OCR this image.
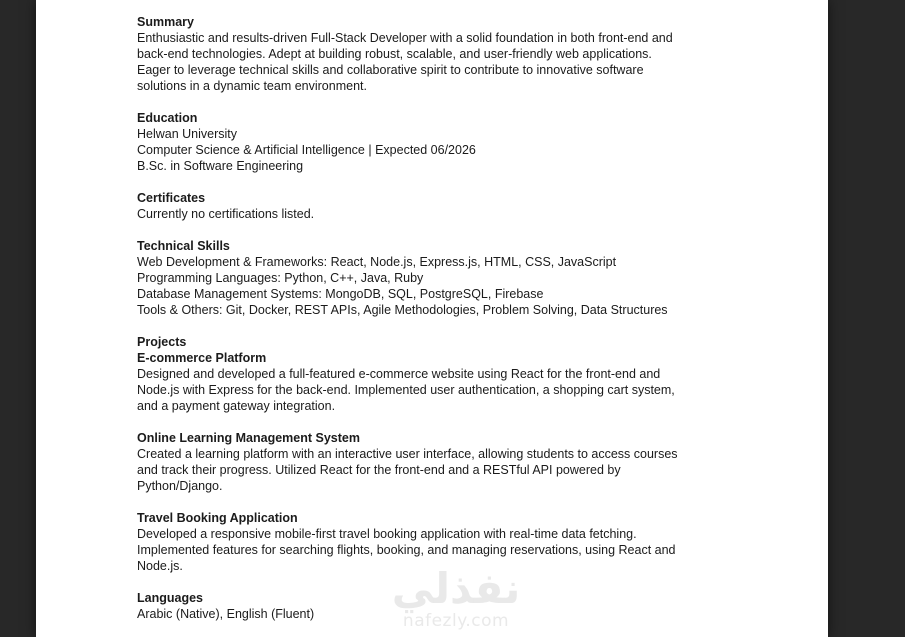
نفذلي
nafezly.com
Summary
Enthusiastic and results-driven Full-Stack Developer with a solid foundation in both front-end and
back-end technologies. Adept at building robust, scalable, and user-friendly web applications.
Eager to leverage technical skills and collaborative spirit to contribute to innovative software
solutions in a dynamic team environment.
Education
Helwan University
Computer Science & Artificial Intelligence | Expected 06/2026
B.Sc. in Software Engineering
Certificates
Currently no certifications listed.
Technical Skills
Web Development & Frameworks: React, Node.js, Express.js, HTML, CSS, JavaScript
Programming Languages: Python, C++, Java, Ruby
Database Management Systems: MongoDB, SQL, PostgreSQL, Firebase
Tools & Others: Git, Docker, REST APIs, Agile Methodologies, Problem Solving, Data Structures
Projects
E-commerce Platform
Designed and developed a full-featured e-commerce website using React for the front-end and
Node.js with Express for the back-end. Implemented user authentication, a shopping cart system,
and a payment gateway integration.
Online Learning Management System
Created a learning platform with an interactive user interface, allowing students to access courses
and track their progress. Utilized React for the front-end and a RESTful API powered by
Python/Django.
Travel Booking Application
Developed a responsive mobile-first travel booking application with real-time data fetching.
Implemented features for searching flights, booking, and managing reservations, using React and
Node.js.
Languages
Arabic (Native), English (Fluent)
